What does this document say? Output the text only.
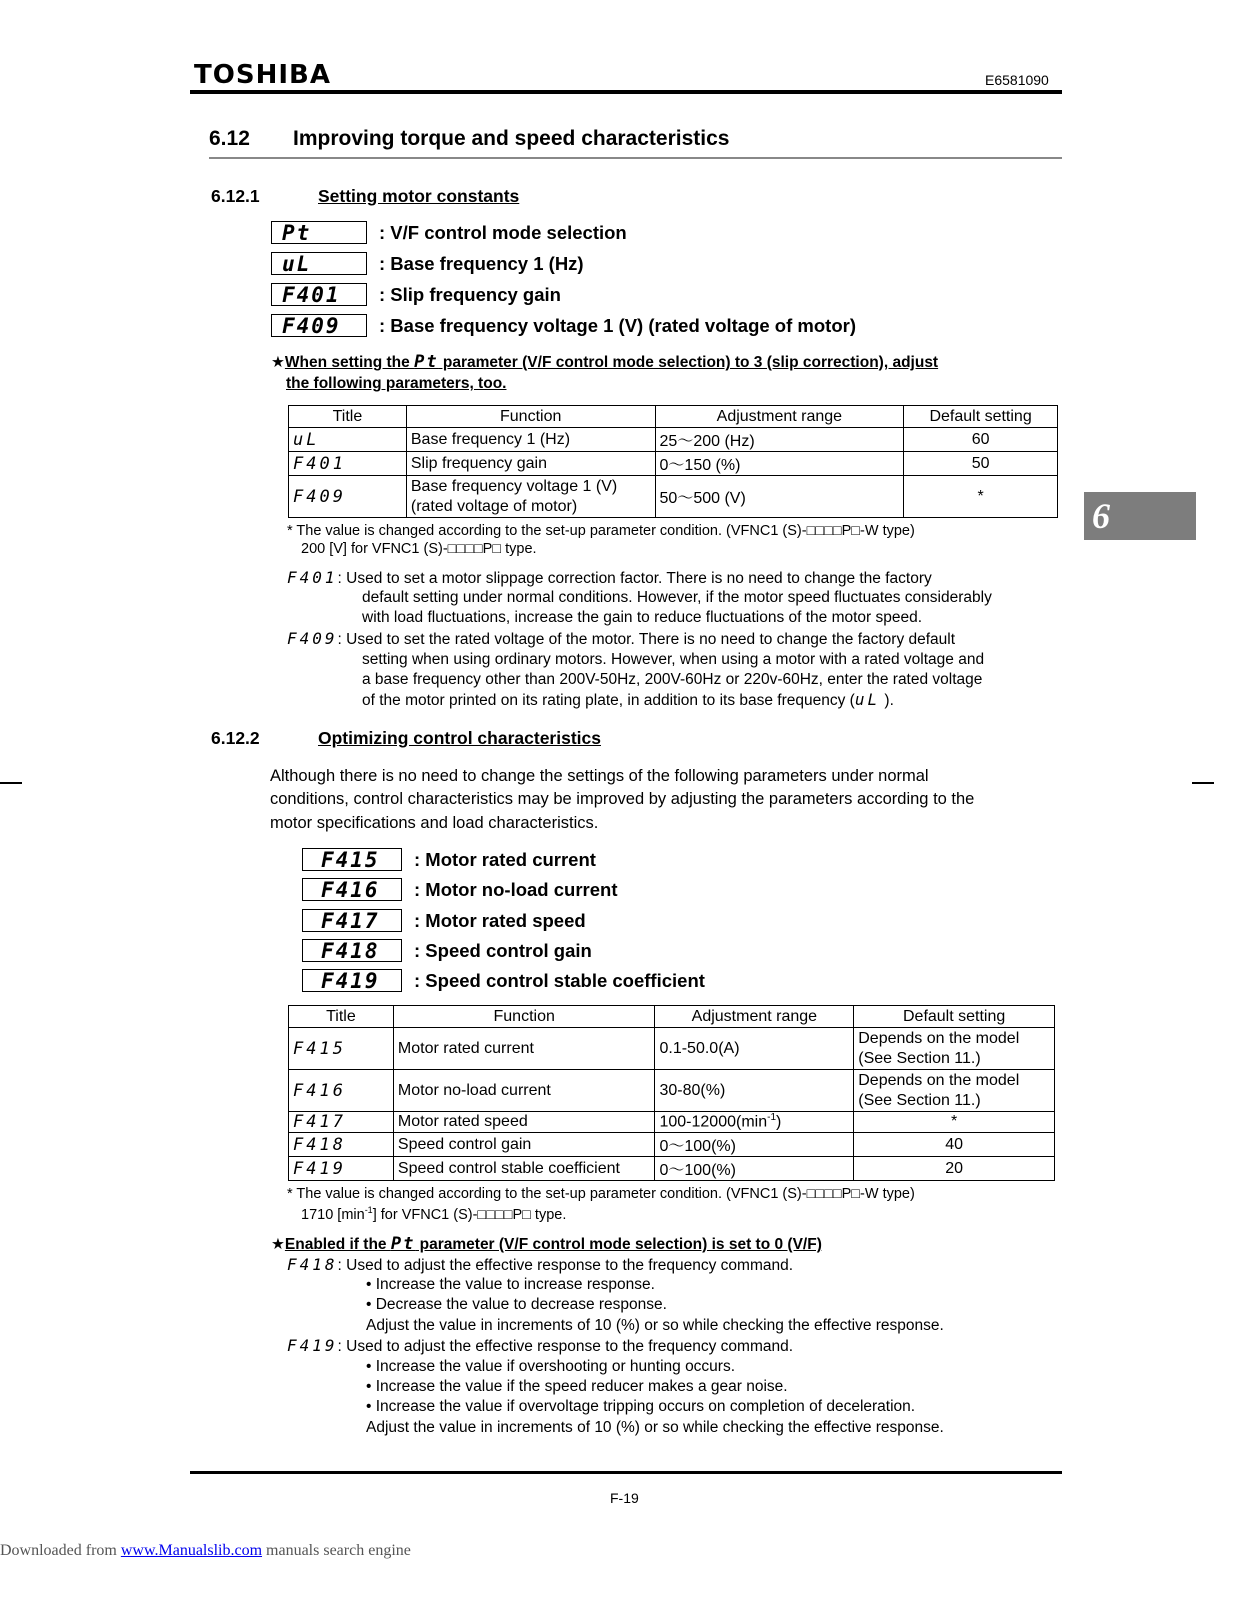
TOSHIBA	E6581090
6.12 Improving torque and speed characteristics
6
6.12.1	Setting motor constants
Pt	: V/F control mode selection
uL	: Base frequency 1 (Hz)
F401	: Slip frequency gain
F409	: Base frequency voltage 1 (V) (rated voltage of motor)
★When setting the Pt parameter (V/F control mode selection) to 3 (slip correction), adjust
the following parameters, too.
Title	Function	Adjustment range	Default setting
uL	Base frequency 1 (Hz)	25～200 (Hz)	60
F401	Slip frequency gain	0～150 (%)	50
F409	Base frequency voltage 1 (V)
(rated voltage of motor)	50～500 (V)	*
* The value is changed according to the set-up parameter condition. (VFNC1 (S)-□□□□P□-W type)
200 [V] for VFNC1 (S)-□□□□P□ type.
F401: Used to set a motor slippage correction factor. There is no need to change the factory
default setting under normal conditions. However, if the motor speed fluctuates considerably
with load fluctuations, increase the gain to reduce fluctuations of the motor speed.
F409: Used to set the rated voltage of the motor. There is no need to change the factory default
setting when using ordinary motors. However, when using a motor with a rated voltage and
a base frequency other than 200V-50Hz, 200V-60Hz or 220v-60Hz, enter the rated voltage
of the motor printed on its rating plate, in addition to its base frequency (uL ).
6.12.2	Optimizing control characteristics
Although there is no need to change the settings of the following parameters under normal
conditions, control characteristics may be improved by adjusting the parameters according to the
motor specifications and load characteristics.
F415	: Motor rated current
F416	: Motor no-load current
F417	: Motor rated speed
F418	: Speed control gain
F419	: Speed control stable coefficient
Title	Function	Adjustment range	Default setting
F415	Motor rated current	0.1-50.0(A)	Depends on the model
(See Section 11.)
F416	Motor no-load current	30-80(%)	Depends on the model
(See Section 11.)
F417	Motor rated speed	$100-12000(\min^{-1})$	*
F418	Speed control gain	0～100(%)	40
F419	Speed control stable coefficient	0～100(%)	20
* The value is changed according to the set-up parameter condition. (VFNC1 (S)-□□□□P□-W type)
1710 $[\min^{-1}]$ for VFNC1 (S)-□□□□P□ type.
★Enabled if the Pt parameter (V/F control mode selection) is set to 0 (V/F)
F418: Used to adjust the effective response to the frequency command.
• Increase the value to increase response.
• Decrease the value to decrease response.
Adjust the value in increments of 10 (%) or so while checking the effective response.
F419: Used to adjust the effective response to the frequency command.
• Increase the value if overshooting or hunting occurs.
• Increase the value if the speed reducer makes a gear noise.
• Increase the value if overvoltage tripping occurs on completion of deceleration.
Adjust the value in increments of 10 (%) or so while checking the effective response.
F-19
Downloaded from www.Manualslib.com manuals search engine
